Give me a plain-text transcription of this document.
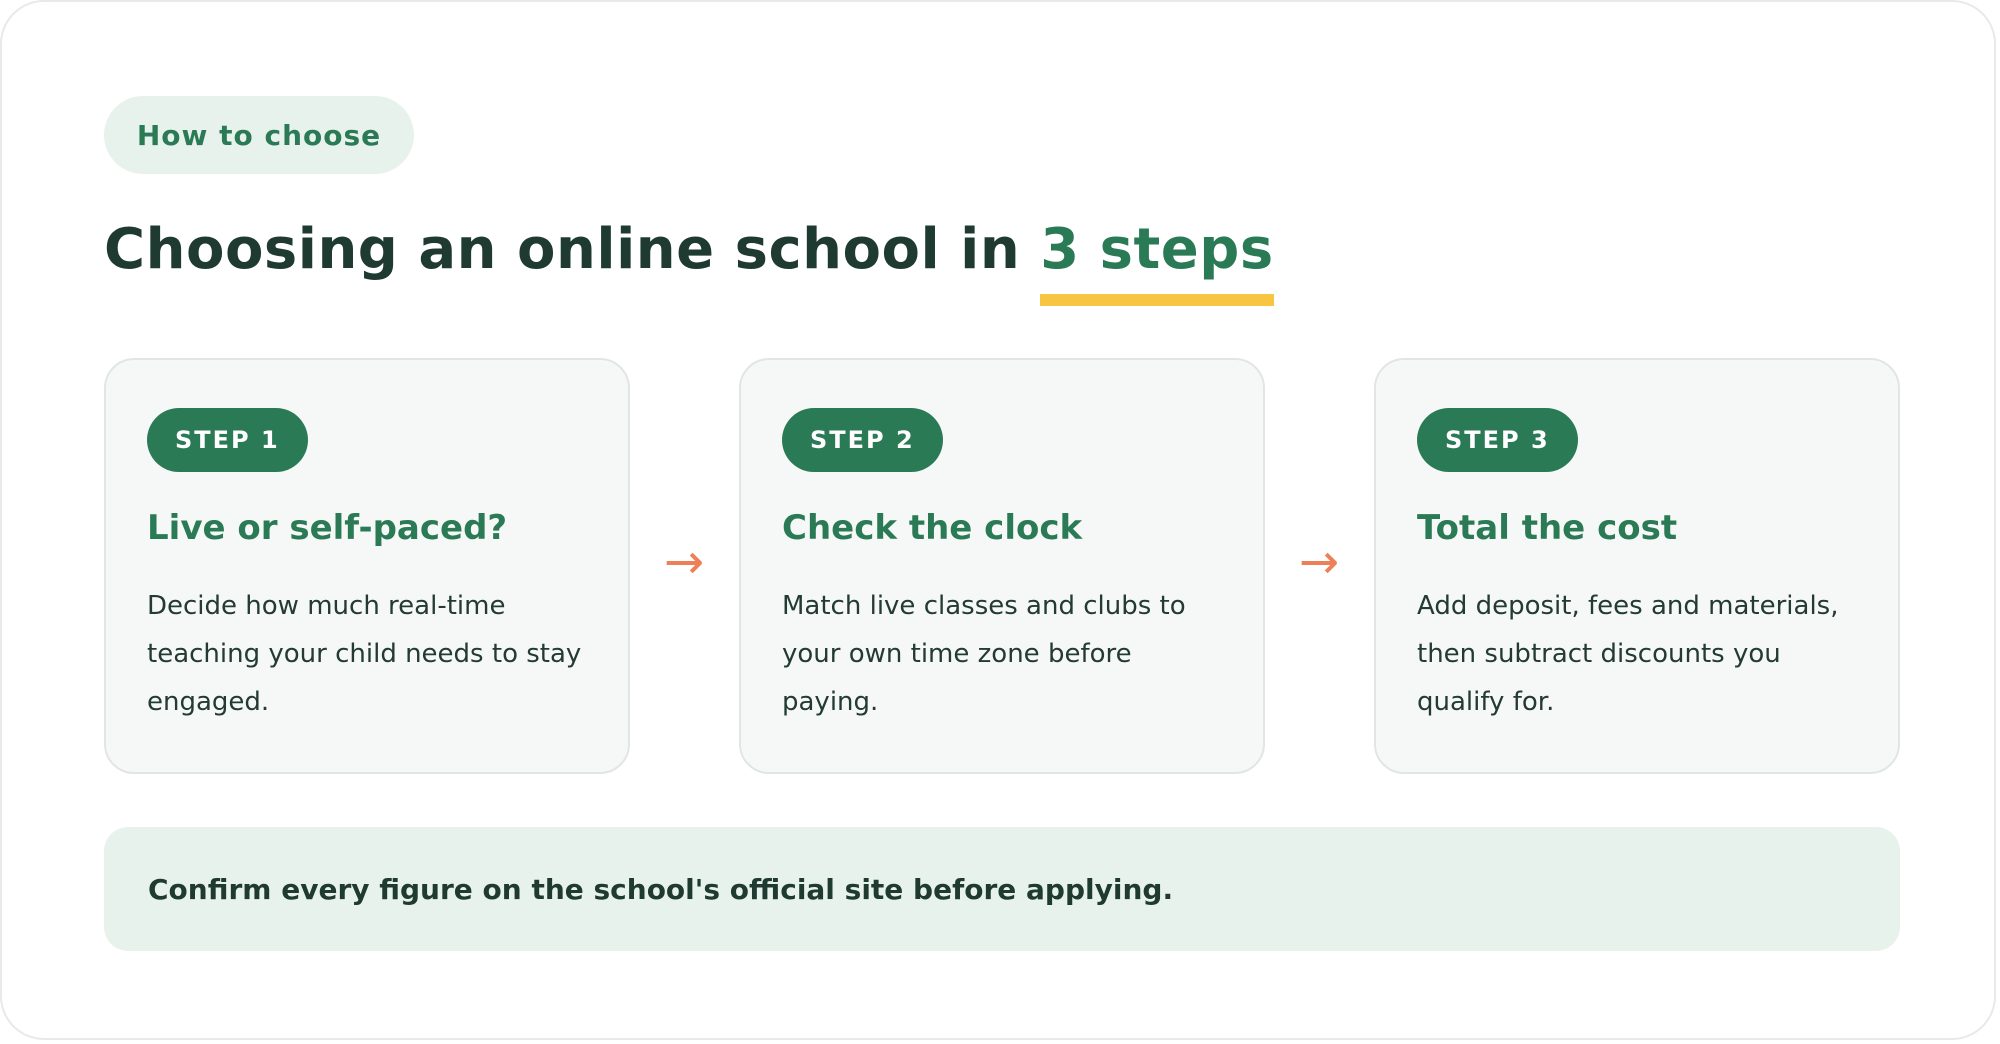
How to choose
Choosing an online school in 3 steps
STEP 1
Live or self-paced?
Decide how much real-time teaching your child needs to stay engaged.
→
STEP 2
Check the clock
Match live classes and clubs to your own time zone before paying.
→
STEP 3
Total the cost
Add deposit, fees and materials, then subtract discounts you qualify for.
Confirm every figure on the school's official site before applying.
